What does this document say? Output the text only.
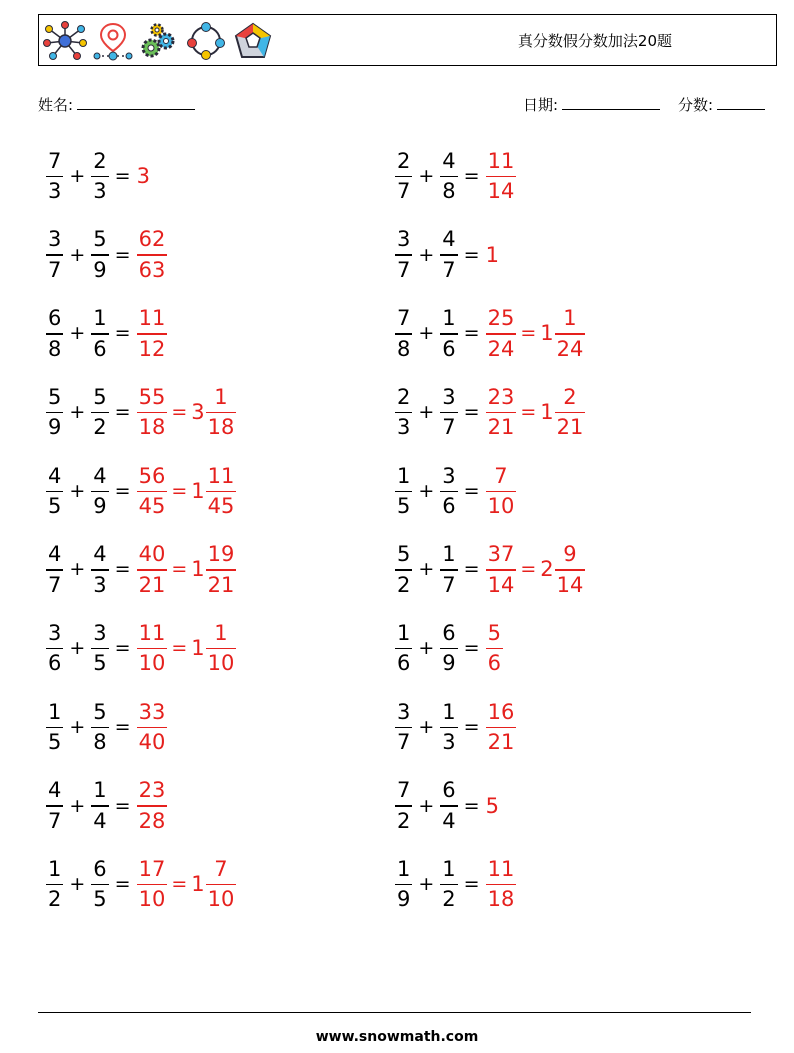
真分数假分数加法20题
姓名:	日期:	分数:
$\frac{7}{3} + \frac{2}{3} = 3$	$\frac{2}{7} + \frac{4}{8} = \frac{11}{14}$
$\frac{3}{7} + \frac{5}{9} = \frac{62}{63}$	$\frac{3}{7} + \frac{4}{7} = 1$
$\frac{6}{8} + \frac{1}{6} = \frac{11}{12}$	$\frac{7}{8} + \frac{1}{6} = \frac{25}{24} = 1 \frac{1}{24}$
$\frac{5}{9} + \frac{5}{2} = \frac{55}{18} = 3 \frac{1}{18}$	$\frac{2}{3} + \frac{3}{7} = \frac{23}{21} = 1 \frac{2}{21}$
$\frac{4}{5} + \frac{4}{9} = \frac{56}{45} = 1 \frac{11}{45}$	$\frac{1}{5} + \frac{3}{6} = \frac{7}{10}$
$\frac{4}{7} + \frac{4}{3} = \frac{40}{21} = 1 \frac{19}{21}$	$\frac{5}{2} + \frac{1}{7} = \frac{37}{14} = 2 \frac{9}{14}$
$\frac{3}{6} + \frac{3}{5} = \frac{11}{10} = 1 \frac{1}{10}$	$\frac{1}{6} + \frac{6}{9} = \frac{5}{6}$
$\frac{1}{5} + \frac{5}{8} = \frac{33}{40}$	$\frac{3}{7} + \frac{1}{3} = \frac{16}{21}$
$\frac{4}{7} + \frac{1}{4} = \frac{23}{28}$	$\frac{7}{2} + \frac{6}{4} = 5$
$\frac{1}{2} + \frac{6}{5} = \frac{17}{10} = 1 \frac{7}{10}$	$\frac{1}{9} + \frac{1}{2} = \frac{11}{18}$
www.snowmath.com
